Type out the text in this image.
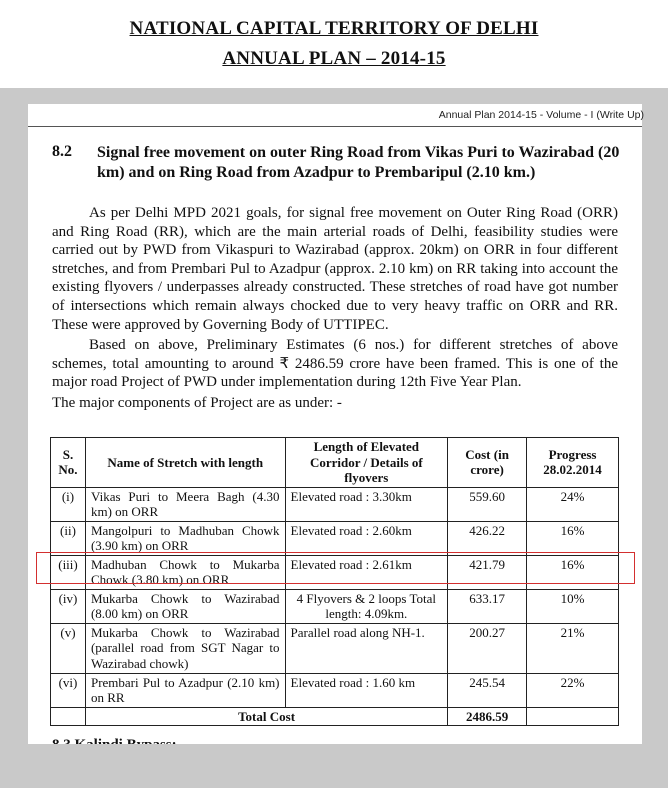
NATIONAL CAPITAL TERRITORY OF DELHI
ANNUAL PLAN – 2014-15
Annual Plan 2014-15 - Volume - I (Write Up)
8.2 Signal free movement on outer Ring Road from Vikas Puri to Wazirabad (20 km) and on Ring Road from Azadpur to Prembaripul (2.10 km.)
As per Delhi MPD 2021 goals, for signal free movement on Outer Ring Road (ORR) and Ring Road (RR), which are the main arterial roads of Delhi, feasibility studies were carried out by PWD from Vikaspuri to Wazirabad (approx. 20km) on ORR in four different stretches, and from Prembari Pul to Azadpur (approx. 2.10 km) on RR taking into account the existing flyovers / underpasses already constructed. These stretches of road have got number of intersections which remain always chocked due to very heavy traffic on ORR and RR. These were approved by Governing Body of UTTIPEC.
Based on above, Preliminary Estimates (6 nos.) for different stretches of above schemes, total amounting to around ₹ 2486.59 crore have been framed. This is one of the major road Project of PWD under implementation during 12th Five Year Plan.
The major components of Project are as under: -
S. No.	Name of Stretch with length	Length of Elevated Corridor / Details of flyovers	Cost (in crore)	Progress 28.02.2014
(i)	Vikas Puri to Meera Bagh (4.30 km) on ORR	Elevated road : 3.30km	559.60	24%
(ii)	Mangolpuri to Madhuban Chowk (3.90 km) on ORR	Elevated road : 2.60km	426.22	16%
(iii)	Madhuban Chowk to Mukarba Chowk (3.80 km) on ORR	Elevated road : 2.61km	421.79	16%
(iv)	Mukarba Chowk to Wazirabad (8.00 km) on ORR	4 Flyovers & 2 loops Total length: 4.09km.	633.17	10%
(v)	Mukarba Chowk to Wazirabad (parallel road from SGT Nagar to Wazirabad chowk)	Parallel road along NH-1.	200.27	21%
(vi)	Prembari Pul to Azadpur (2.10 km) on RR	Elevated road : 1.60 km	245.54	22%
	Total Cost		2486.59	
